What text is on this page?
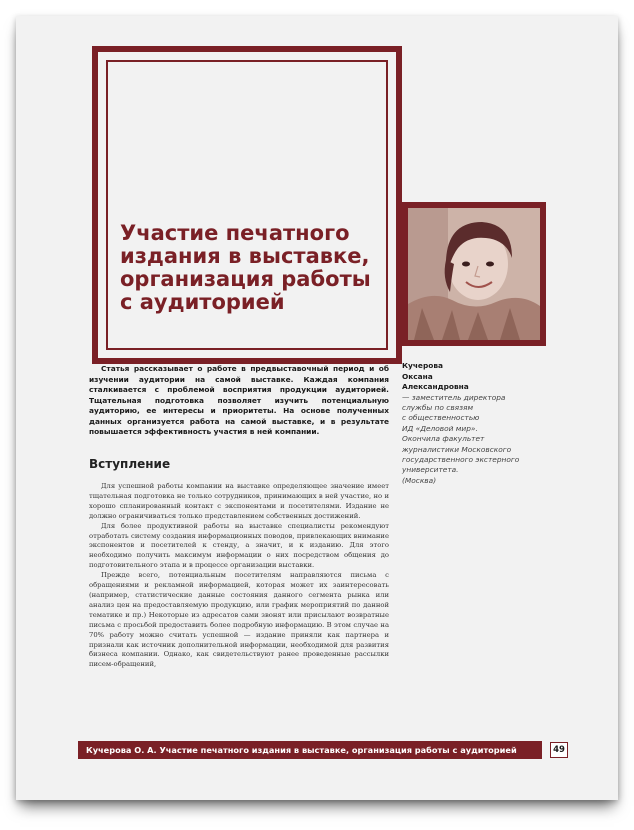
Участие печатного
издания в выставке,
организация работы
с аудиторией

Статья рассказывает о работе в предвыставочный период и об изучении аудитории на самой выставке. Каждая компания сталкивается с проблемой восприятия продукции аудиторией. Тщательная подготовка позволяет изучить потенциальную аудиторию, ее интересы и приоритеты. На основе полученных данных организуется работа на самой выставке, и в результате повышается эффективность участия в ней компании.

Вступление

Для успешной работы компании на выставке определяющее значение имеет тщательная подготовка не только сотрудников, принимающих в ней участие, но и хорошо спланированный контакт с экспонентами и посетителями. Издание не должно ограничиваться только представлением собственных достижений.

Для более продуктивной работы на выставке специалисты рекомендуют отработать систему создания информационных поводов, привлекающих внимание экспонентов и посетителей к стенду, а значит, и к изданию. Для этого необходимо получить максимум информации о них посредством общения до подготовительного этапа и в процессе организации выставки.

Прежде всего, потенциальным посетителям направляются письма с обращениями и рекламной информацией, которая может их заинтересовать (например, статистические данные состояния данного сегмента рынка или анализ цен на предоставляемую продукцию, или график мероприятий по данной тематике и пр.) Некоторые из адресатов сами звонят или присылают возвратные письма с просьбой предоставить более подробную информацию. В этом случае на 70% работу можно считать успешной — издание приняли как партнера и признали как источник дополнительной информации, необходимой для развития бизнеса компании. Однако, как свидетельствуют ранее проведенные рассылки писем-обращений,

Кучерова
Оксана
Александровна

— заместитель директора
службы по связям
с общественностью
ИД «Деловой мир».
Окончила факультет
журналистики Московского
государственного экстерного
университета.
(Москва)

Кучерова О. А. Участие печатного издания в выставке, организация работы с аудиторией	49
